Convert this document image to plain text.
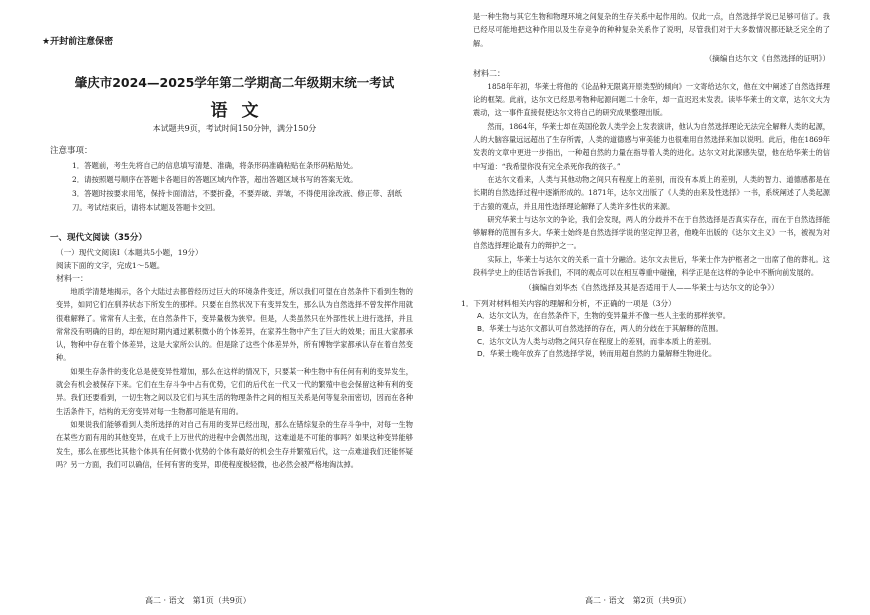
★开封前注意保密
肇庆市2024—2025学年第二学期高二年级期末统一考试
语文
本试题共9页，考试时间150分钟，满分150分
注意事项：
1．答题前，考生先将自己的信息填写清楚、准确，将条形码准确粘贴在条形码粘贴处。
2．请按照题号顺序在答题卡各题目的答题区域内作答，超出答题区域书写的答案无效。
3．答题时按要求用笔，保持卡面清洁，不要折叠，不要弄破、弄皱，不得使用涂改液、修正带、刮纸刀。考试结束后，请将本试题及答题卡交回。
一、现代文阅读（35分）

（一）现代文阅读Ⅰ（本题共5小题，19分）

阅读下面的文字，完成1～5题。

材料一：

地质学清楚地揭示，各个大陆过去都曾经历过巨大的环境条件变迁，所以我们可望在自然条件下看到生物的变异，如同它们在驯养状态下所发生的那样。只要在自然状况下有变异发生，那么认为自然选择不曾发挥作用就很难解释了。常常有人主张，在自然条件下，变异量极为狭窄。但是，人类虽然只在外部性状上进行选择，并且常常没有明确的目的，却在短时期内通过累积微小的个体差异，在家养生物中产生了巨大的效果；而且大家都承认，物种中存在着个体差异，这是大家所公认的。但是除了这些个体差异外，所有博物学家都承认存在着自然变种。

如果生存条件的变化总是使变异性增加，那么在这样的情况下，只要某一种生物中有任何有利的变异发生，就会有机会被保存下来。它们在生存斗争中占有优势，它们的后代在一代又一代的繁殖中也会保留这种有利的变异。我们还要看到，一切生物之间以及它们与其生活的物理条件之间的相互关系是何等复杂而密切，因而在各种生活条件下，结构的无穷变异对每一生物都可能是有用的。

如果说我们能够看到人类所选择的对自己有用的变异已经出现，那么在错综复杂的生存斗争中，对每一生物在某些方面有用的其他变异，在成千上万世代的进程中会偶然出现，这难道是不可能的事吗？如果这种变异能够发生，那么在那些比其他个体具有任何微小优势的个体有最好的机会生存并繁殖后代，这一点难道我们还能怀疑吗？另一方面，我们可以确信，任何有害的变异，即使程度极轻微，也必然会被严格地淘汰掉。

是一种生物与其它生物和物理环境之间复杂的生存关系中起作用的。仅此一点，自然选择学说已足够可信了。我已经尽可能地把这种作用以及生存竞争的种种复杂关系作了说明，尽管我们对于大多数情况都还缺乏完全的了解。

（摘编自达尔文《自然选择的证明》）

材料二：

1858年年初，华莱士将他的《论品种无限离开原类型的倾向》一文寄给达尔文，他在文中阐述了自然选择理论的框架。此前，达尔文已经思考物种起源问题二十余年，却一直迟迟未发表。读毕华莱士的文章，达尔文大为震动，这一事件直接促使达尔文将自己的研究成果整理出版。

然而，1864年，华莱士却在英国伦敦人类学会上发表演讲，他认为自然选择理论无法完全解释人类的起源，人的大脑容量远远超出了生存所需，人类的道德感与审美能力也很难用自然选择来加以说明。此后，他在1869年发表的文章中更进一步指出，一种超自然的力量在指导着人类的进化。达尔文对此深感失望，他在给华莱士的信中写道：“我希望你没有完全杀死你我的孩子。”

在达尔文看来，人类与其他动物之间只有程度上的差别，而没有本质上的差别，人类的智力、道德感都是在长期的自然选择过程中逐渐形成的。1871年，达尔文出版了《人类的由来及性选择》一书，系统阐述了人类起源于古猿的观点，并且用性选择理论解释了人类许多性状的来源。

研究华莱士与达尔文的争论，我们会发现，两人的分歧并不在于自然选择是否真实存在，而在于自然选择能够解释的范围有多大。华莱士始终是自然选择学说的坚定捍卫者，他晚年出版的《达尔文主义》一书，被视为对自然选择理论最有力的辩护之一。

实际上，华莱士与达尔文的关系一直十分融洽。达尔文去世后，华莱士作为护柩者之一出席了他的葬礼。这段科学史上的佳话告诉我们，不同的观点可以在相互尊重中碰撞，科学正是在这样的争论中不断向前发展的。

（摘编自刘华杰《自然选择及其是否适用于人——华莱士与达尔文的论争》）
1．下列对材料相关内容的理解和分析，不正确的一项是（3分）
A．达尔文认为，在自然条件下，生物的变异量并不像一些人主张的那样狭窄。
B．华莱士与达尔文都认可自然选择的存在，两人的分歧在于其解释的范围。
C．达尔文认为人类与动物之间只存在程度上的差别，而非本质上的差别。
D．华莱士晚年放弃了自然选择学说，转而用超自然的力量解释生物进化。
高二 · 语文　第1页（共9页）	高二 · 语文　第2页（共9页）
